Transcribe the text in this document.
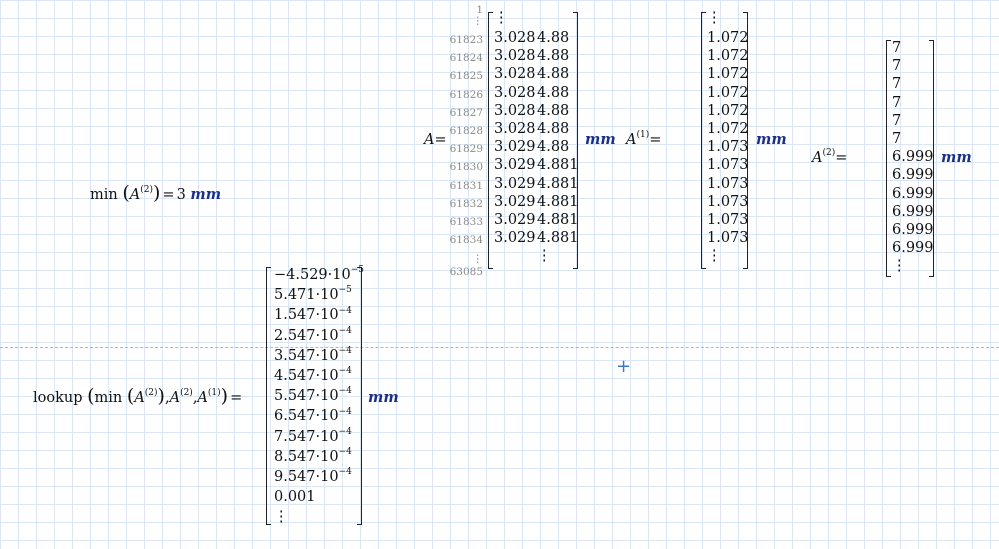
+
$\min (A^{(2)}) = 3$ mm
lookup (min $(A^{(2)}),A^{(2)},A^{(1)}$) =
$-4.529\cdot 10^{-5}$
$5.471\cdot 10^{-5}$
$1.547\cdot 10^{-4}$
$2.547\cdot 10^{-4}$
$3.547\cdot 10^{-4}$
$4.547\cdot 10^{-4}$
$5.547\cdot 10^{-4}$
$6.547\cdot 10^{-4}$
$7.547\cdot 10^{-4}$
$8.547\cdot 10^{-4}$
$9.547\cdot 10^{-4}$
0.001
⋮
mm
A=
1
⋮
61823
61824
61825
61826
61827
61828
61829
61830
61831
61832
61833
61834
⋮
63085
⋮
3.028 4.88
3.028 4.88
3.028 4.88
3.028 4.88
3.028 4.88
3.028 4.88
3.029 4.88
3.029 4.881
3.029 4.881
3.029 4.881
3.029 4.881
3.029 4.881
⋮
mm $A^{(1)}=$
⋮
1.072
1.072
1.072
1.072
1.072
1.072
1.073
1.073
1.073
1.073
1.073
1.073
⋮
mm
$A^{(2)}=$
7
7
7
7
7
7
6.999
6.999
6.999
6.999
6.999
6.999
⋮
mm
